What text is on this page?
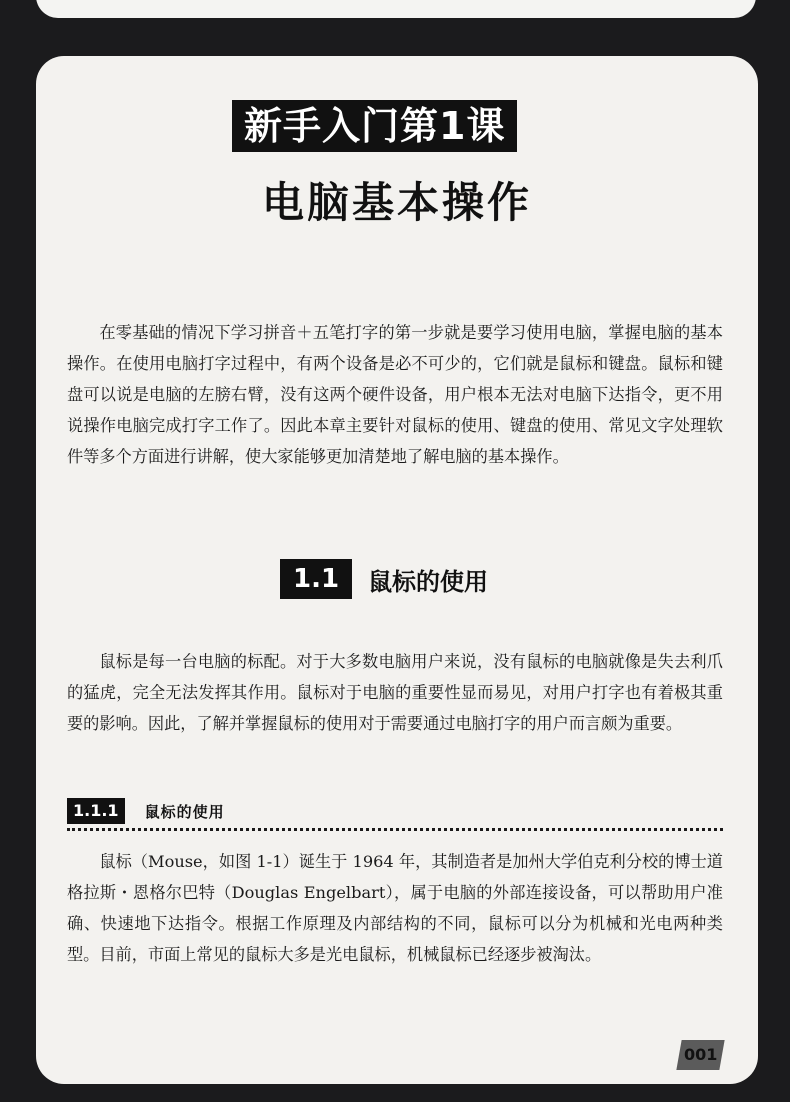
新手入门第1课
电脑基本操作

在零基础的情况下学习拼音＋五笔打字的第一步就是要学习使用电脑，掌握电脑的基本操作。在使用电脑打字过程中，有两个设备是必不可少的，它们就是鼠标和键盘。鼠标和键盘可以说是电脑的左膀右臂，没有这两个硬件设备，用户根本无法对电脑下达指令，更不用说操作电脑完成打字工作了。因此本章主要针对鼠标的使用、键盘的使用、常见文字处理软件等多个方面进行讲解，使大家能够更加清楚地了解电脑的基本操作。

1.1	鼠标的使用

鼠标是每一台电脑的标配。对于大多数电脑用户来说，没有鼠标的电脑就像是失去利爪的猛虎，完全无法发挥其作用。鼠标对于电脑的重要性显而易见，对用户打字也有着极其重要的影响。因此，了解并掌握鼠标的使用对于需要通过电脑打字的用户而言颇为重要。

1.1.1	鼠标的使用

鼠标（Mouse，如图 1-1）诞生于 1964 年，其制造者是加州大学伯克利分校的博士道格拉斯・恩格尔巴特（Douglas Engelbart），属于电脑的外部连接设备，可以帮助用户准确、快速地下达指令。根据工作原理及内部结构的不同，鼠标可以分为机械和光电两种类型。目前，市面上常见的鼠标大多是光电鼠标，机械鼠标已经逐步被淘汰。

001
